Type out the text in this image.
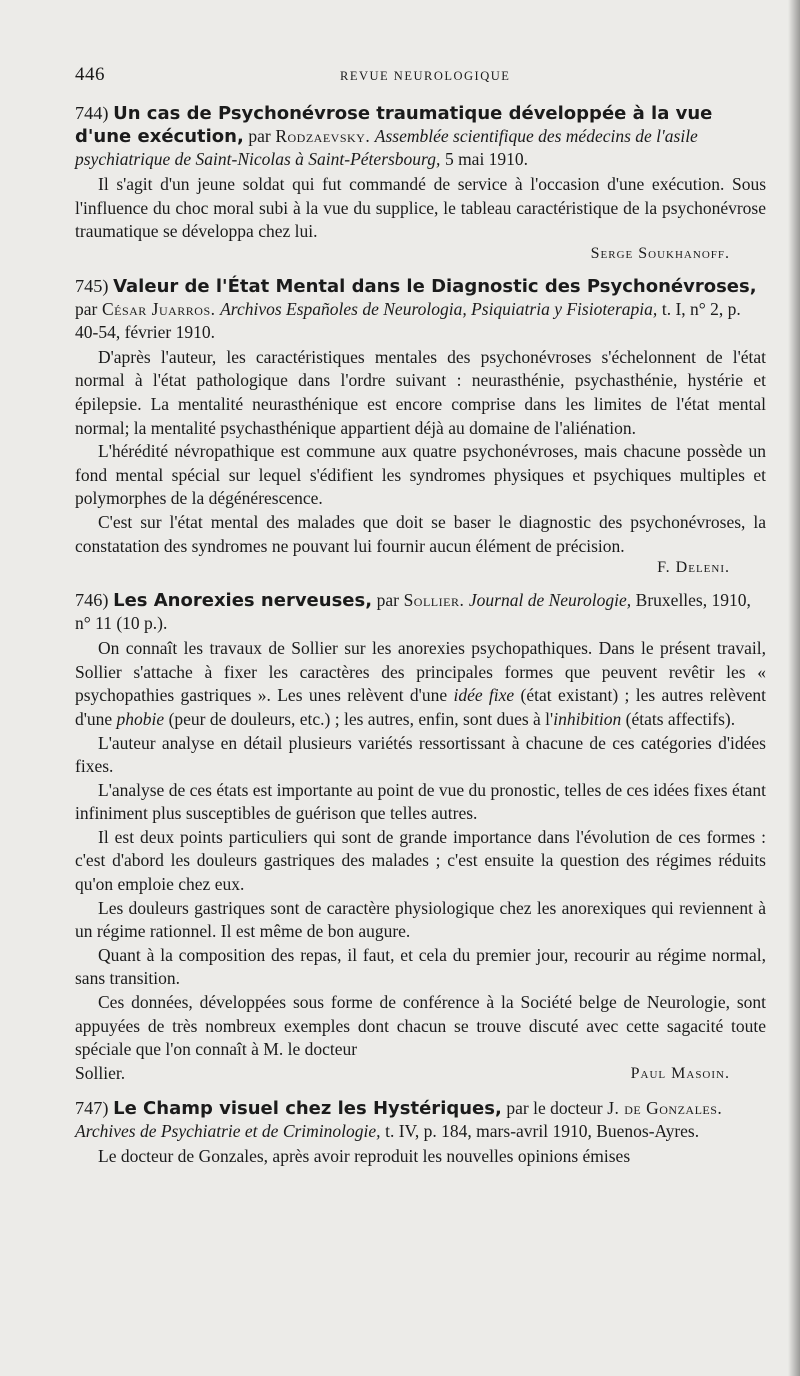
446	REVUE NEUROLOGIQUE
744) Un cas de Psychonévrose traumatique développée à la vue d'une exécution, par Rodzaevsky. Assemblée scientifique des médecins de l'asile psychiatrique de Saint-Nicolas à Saint-Pétersbourg, 5 mai 1910.

Il s'agit d'un jeune soldat qui fut commandé de service à l'occasion d'une exécution. Sous l'influence du choc moral subi à la vue du supplice, le tableau caractéristique de la psychonévrose traumatique se développa chez lui.

Serge Soukhanoff.
745) Valeur de l'État Mental dans le Diagnostic des Psychonévroses, par César Juarros. Archivos Españoles de Neurologia, Psiquiatria y Fisioterapia, t. I, n° 2, p. 40-54, février 1910.

D'après l'auteur, les caractéristiques mentales des psychonévroses s'échelonnent de l'état normal à l'état pathologique dans l'ordre suivant : neurasthénie, psychasthénie, hystérie et épilepsie. La mentalité neurasthénique est encore comprise dans les limites de l'état mental normal; la mentalité psychasthénique appartient déjà au domaine de l'aliénation.

L'hérédité névropathique est commune aux quatre psychonévroses, mais chacune possède un fond mental spécial sur lequel s'édifient les syndromes physiques et psychiques multiples et polymorphes de la dégénérescence.

C'est sur l'état mental des malades que doit se baser le diagnostic des psychonévroses, la constatation des syndromes ne pouvant lui fournir aucun élément de précision.

F. Deleni.
746) Les Anorexies nerveuses, par Sollier. Journal de Neurologie, Bruxelles, 1910, n° 11 (10 p.).

On connaît les travaux de Sollier sur les anorexies psychopathiques. Dans le présent travail, Sollier s'attache à fixer les caractères des principales formes que peuvent revêtir les « psychopathies gastriques ». Les unes relèvent d'une idée fixe (état existant) ; les autres relèvent d'une phobie (peur de douleurs, etc.) ; les autres, enfin, sont dues à l'inhibition (états affectifs).

L'auteur analyse en détail plusieurs variétés ressortissant à chacune de ces catégories d'idées fixes.

L'analyse de ces états est importante au point de vue du pronostic, telles de ces idées fixes étant infiniment plus susceptibles de guérison que telles autres.

Il est deux points particuliers qui sont de grande importance dans l'évolution de ces formes : c'est d'abord les douleurs gastriques des malades ; c'est ensuite la question des régimes réduits qu'on emploie chez eux.

Les douleurs gastriques sont de caractère physiologique chez les anorexiques qui reviennent à un régime rationnel. Il est même de bon augure.

Quant à la composition des repas, il faut, et cela du premier jour, recourir au régime normal, sans transition.

Ces données, développées sous forme de conférence à la Société belge de Neurologie, sont appuyées de très nombreux exemples dont chacun se trouve discuté avec cette sagacité toute spéciale que l'on connaît à M. le docteur

Sollier.	Paul Masoin.
747) Le Champ visuel chez les Hystériques, par le docteur J. de Gonzales. Archives de Psychiatrie et de Criminologie, t. IV, p. 184, mars-avril 1910, Buenos-Ayres.

Le docteur de Gonzales, après avoir reproduit les nouvelles opinions émises
